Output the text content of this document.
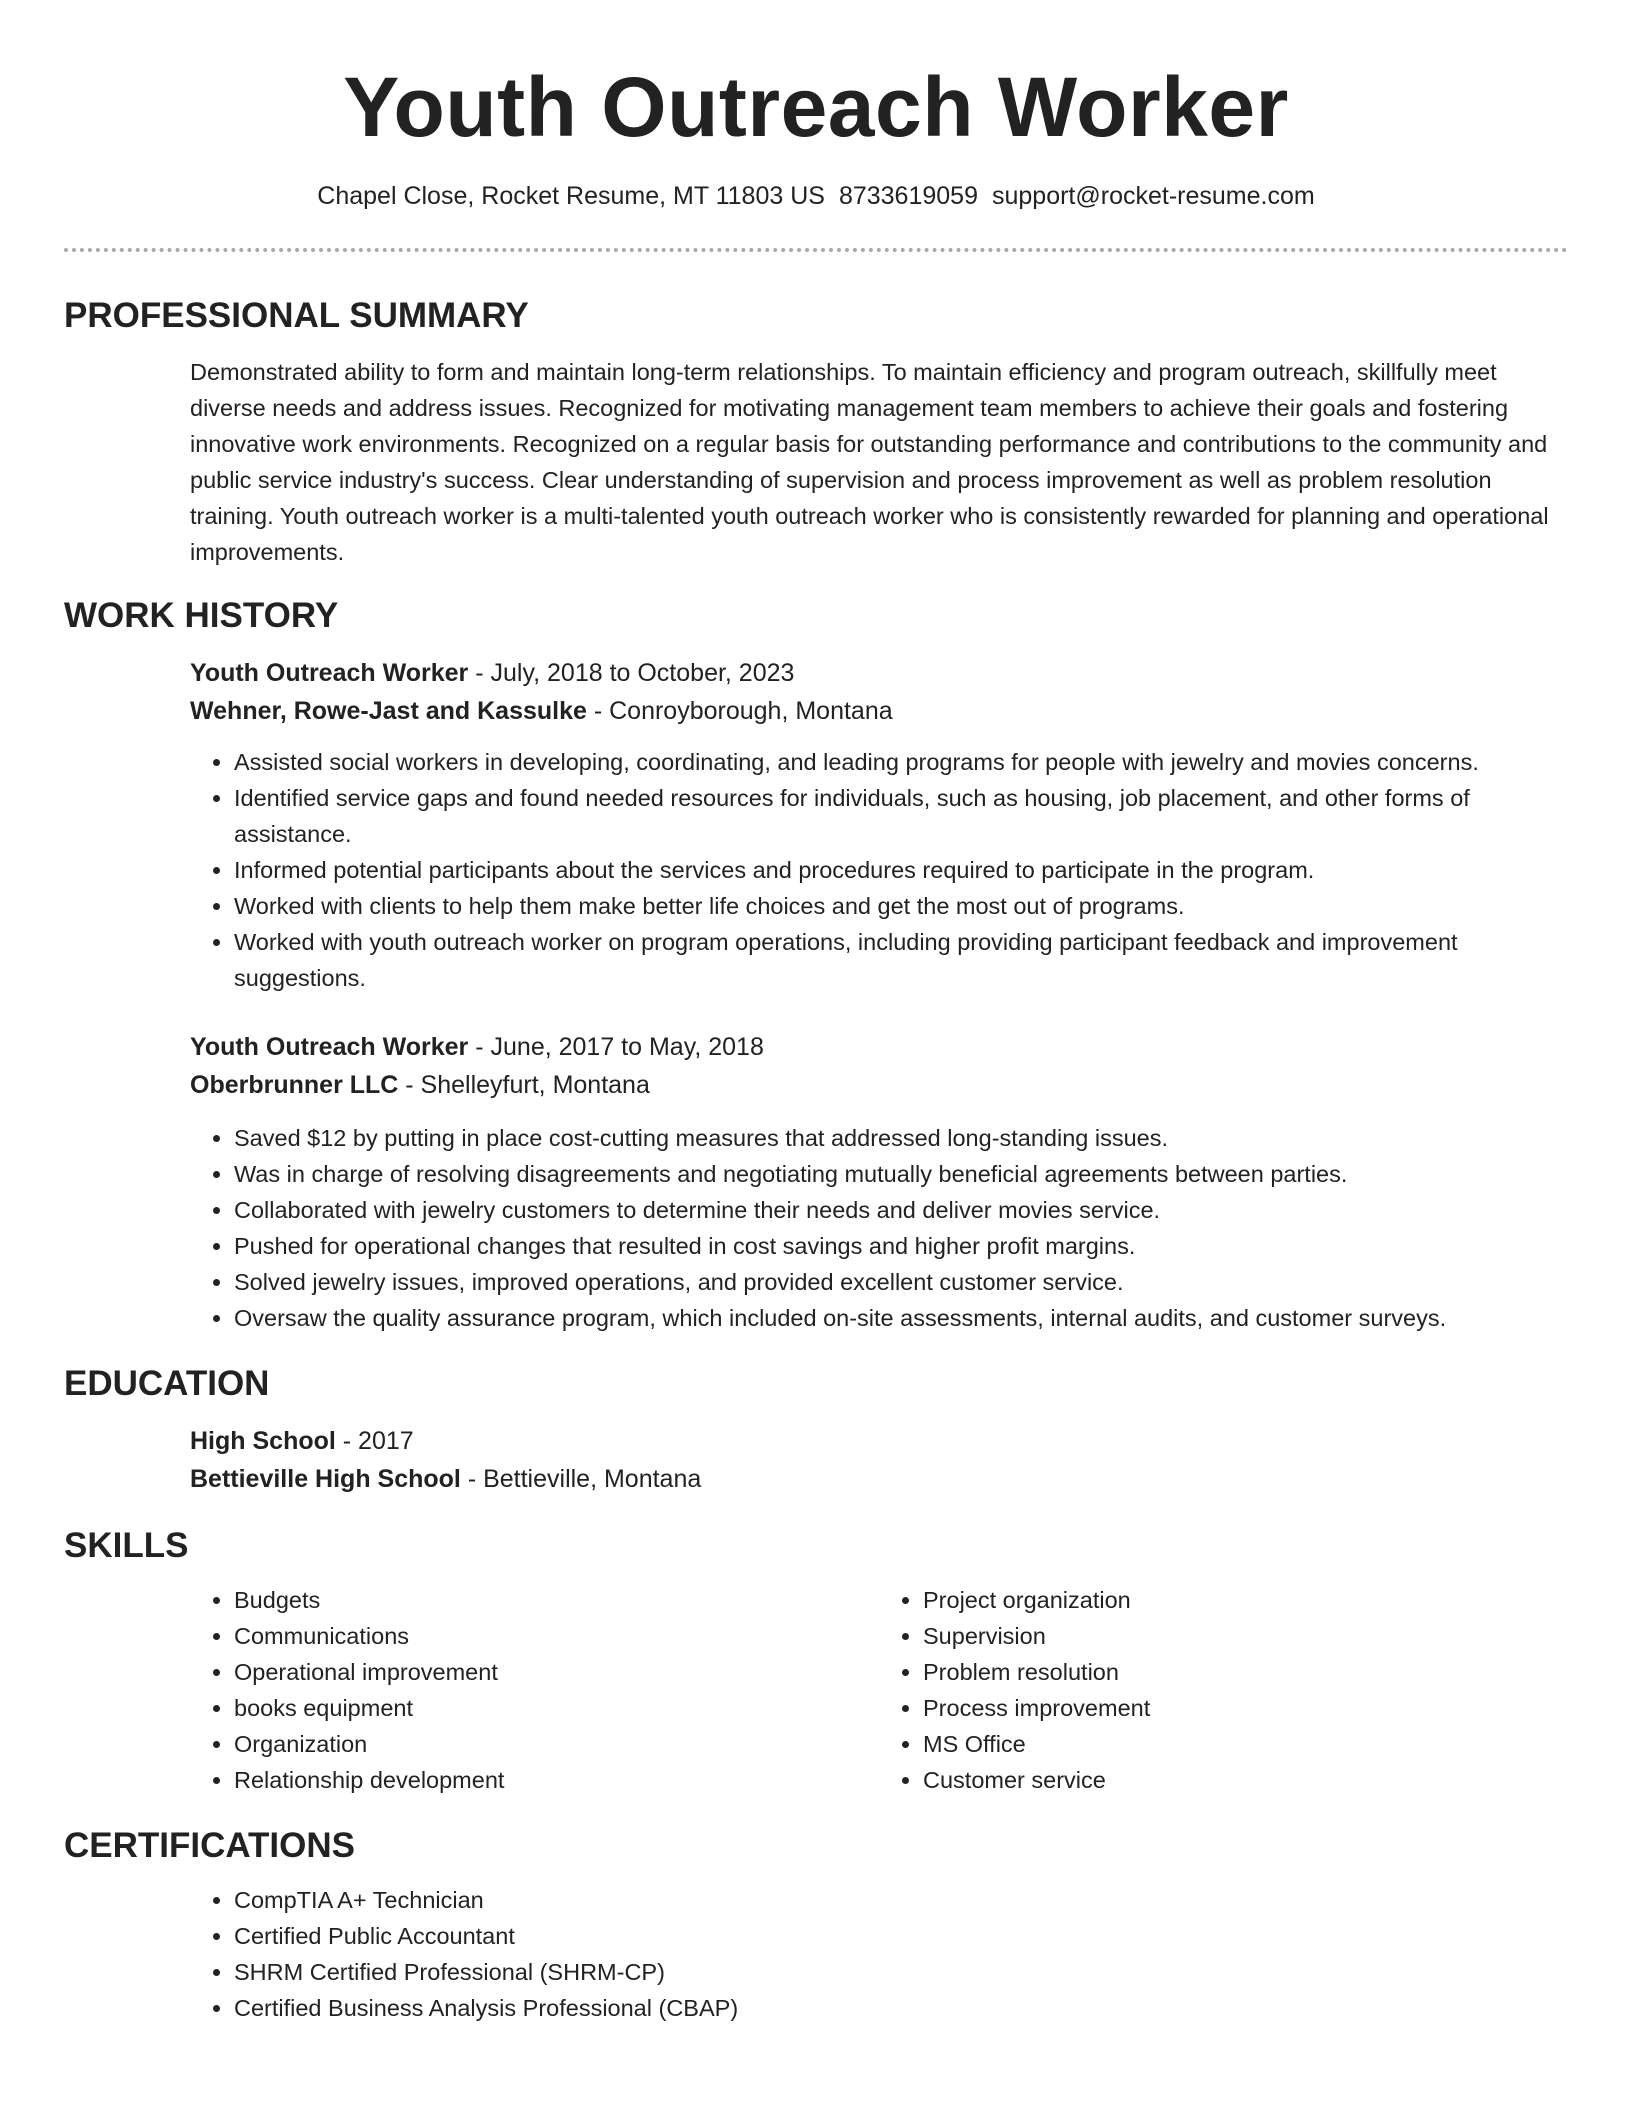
Youth Outreach Worker
Chapel Close, Rocket Resume, MT 11803 US 8733619059 support@rocket-resume.com
PROFESSIONAL SUMMARY

Demonstrated ability to form and maintain long-term relationships. To maintain efficiency and program outreach, skillfully meet diverse needs and address issues. Recognized for motivating management team members to achieve their goals and fostering innovative work environments. Recognized on a regular basis for outstanding performance and contributions to the community and public service industry's success. Clear understanding of supervision and process improvement as well as problem resolution training. Youth outreach worker is a multi-talented youth outreach worker who is consistently rewarded for planning and operational improvements.

WORK HISTORY
Youth Outreach Worker - July, 2018 to October, 2023
Wehner, Rowe-Jast and Kassulke - Conroyborough, Montana
• Assisted social workers in developing, coordinating, and leading programs for people with jewelry and movies concerns.
• Identified service gaps and found needed resources for individuals, such as housing, job placement, and other forms of assistance.
• Informed potential participants about the services and procedures required to participate in the program.
• Worked with clients to help them make better life choices and get the most out of programs.
• Worked with youth outreach worker on program operations, including providing participant feedback and improvement suggestions.
Youth Outreach Worker - June, 2017 to May, 2018
Oberbrunner LLC - Shelleyfurt, Montana
• Saved $12 by putting in place cost-cutting measures that addressed long-standing issues.
• Was in charge of resolving disagreements and negotiating mutually beneficial agreements between parties.
• Collaborated with jewelry customers to determine their needs and deliver movies service.
• Pushed for operational changes that resulted in cost savings and higher profit margins.
• Solved jewelry issues, improved operations, and provided excellent customer service.
• Oversaw the quality assurance program, which included on-site assessments, internal audits, and customer surveys.
EDUCATION
High School - 2017
Bettieville High School - Bettieville, Montana
SKILLS
• Budgets
• Communications
• Operational improvement
• books equipment
• Organization
• Relationship development
• Project organization
• Supervision
• Problem resolution
• Process improvement
• MS Office
• Customer service
CERTIFICATIONS
• CompTIA A+ Technician
• Certified Public Accountant
• SHRM Certified Professional (SHRM-CP)
• Certified Business Analysis Professional (CBAP)
